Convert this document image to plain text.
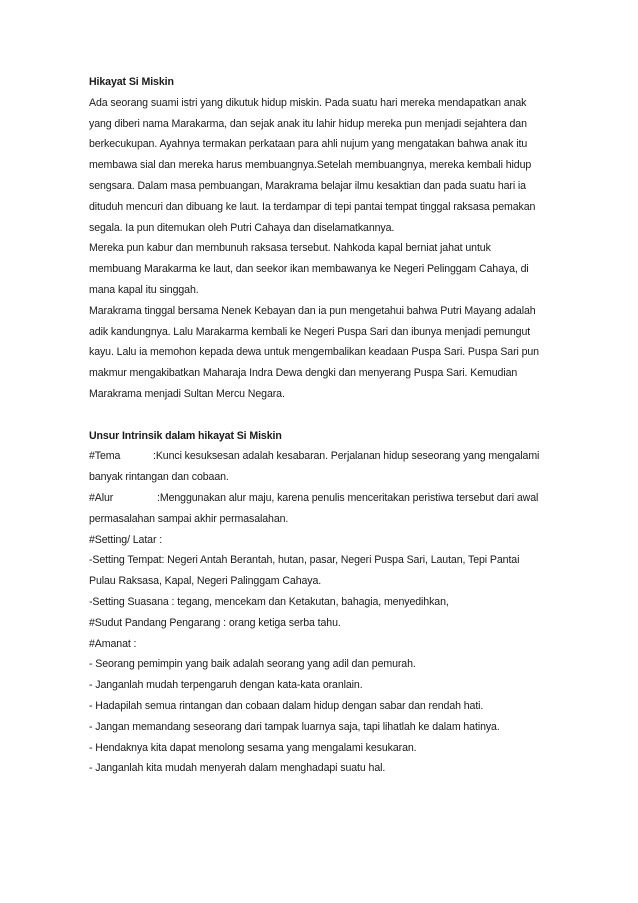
Hikayat Si Miskin
Ada seorang suami istri yang dikutuk hidup miskin. Pada suatu hari mereka mendapatkan anak
yang diberi nama Marakarma, dan sejak anak itu lahir hidup mereka pun menjadi sejahtera dan
berkecukupan. Ayahnya termakan perkataan para ahli nujum yang mengatakan bahwa anak itu
membawa sial dan mereka harus membuangnya.Setelah membuangnya, mereka kembali hidup
sengsara. Dalam masa pembuangan, Marakrama belajar ilmu kesaktian dan pada suatu hari ia
dituduh mencuri dan dibuang ke laut. Ia terdampar di tepi pantai tempat tinggal raksasa pemakan
segala. Ia pun ditemukan oleh Putri Cahaya dan diselamatkannya.
Mereka pun kabur dan membunuh raksasa tersebut. Nahkoda kapal berniat jahat untuk
membuang Marakarma ke laut, dan seekor ikan membawanya ke Negeri Pelinggam Cahaya, di
mana kapal itu singgah.
Marakrama tinggal bersama Nenek Kebayan dan ia pun mengetahui bahwa Putri Mayang adalah
adik kandungnya. Lalu Marakarma kembali ke Negeri Puspa Sari dan ibunya menjadi pemungut
kayu. Lalu ia memohon kepada dewa untuk mengembalikan keadaan Puspa Sari. Puspa Sari pun
makmur mengakibatkan Maharaja Indra Dewa dengki dan menyerang Puspa Sari. Kemudian
Marakrama menjadi Sultan Mercu Negara.
Unsur Intrinsik dalam hikayat Si Miskin
#Tema	:Kunci kesuksesan adalah kesabaran. Perjalanan hidup seseorang yang mengalami
banyak rintangan dan cobaan.
#Alur	:Menggunakan alur maju, karena penulis menceritakan peristiwa tersebut dari awal
permasalahan sampai akhir permasalahan.
#Setting/ Latar :
-Setting Tempat: Negeri Antah Berantah, hutan, pasar, Negeri Puspa Sari, Lautan, Tepi Pantai
Pulau Raksasa, Kapal, Negeri Palinggam Cahaya.
-Setting Suasana : tegang, mencekam dan Ketakutan, bahagia, menyedihkan,
#Sudut Pandang Pengarang : orang ketiga serba tahu.
#Amanat :
- Seorang pemimpin yang baik adalah seorang yang adil dan pemurah.
- Janganlah mudah terpengaruh dengan kata-kata oranlain.
- Hadapilah semua rintangan dan cobaan dalam hidup dengan sabar dan rendah hati.
- Jangan memandang seseorang dari tampak luarnya saja, tapi lihatlah ke dalam hatinya.
- Hendaknya kita dapat menolong sesama yang mengalami kesukaran.
- Janganlah kita mudah menyerah dalam menghadapi suatu hal.
